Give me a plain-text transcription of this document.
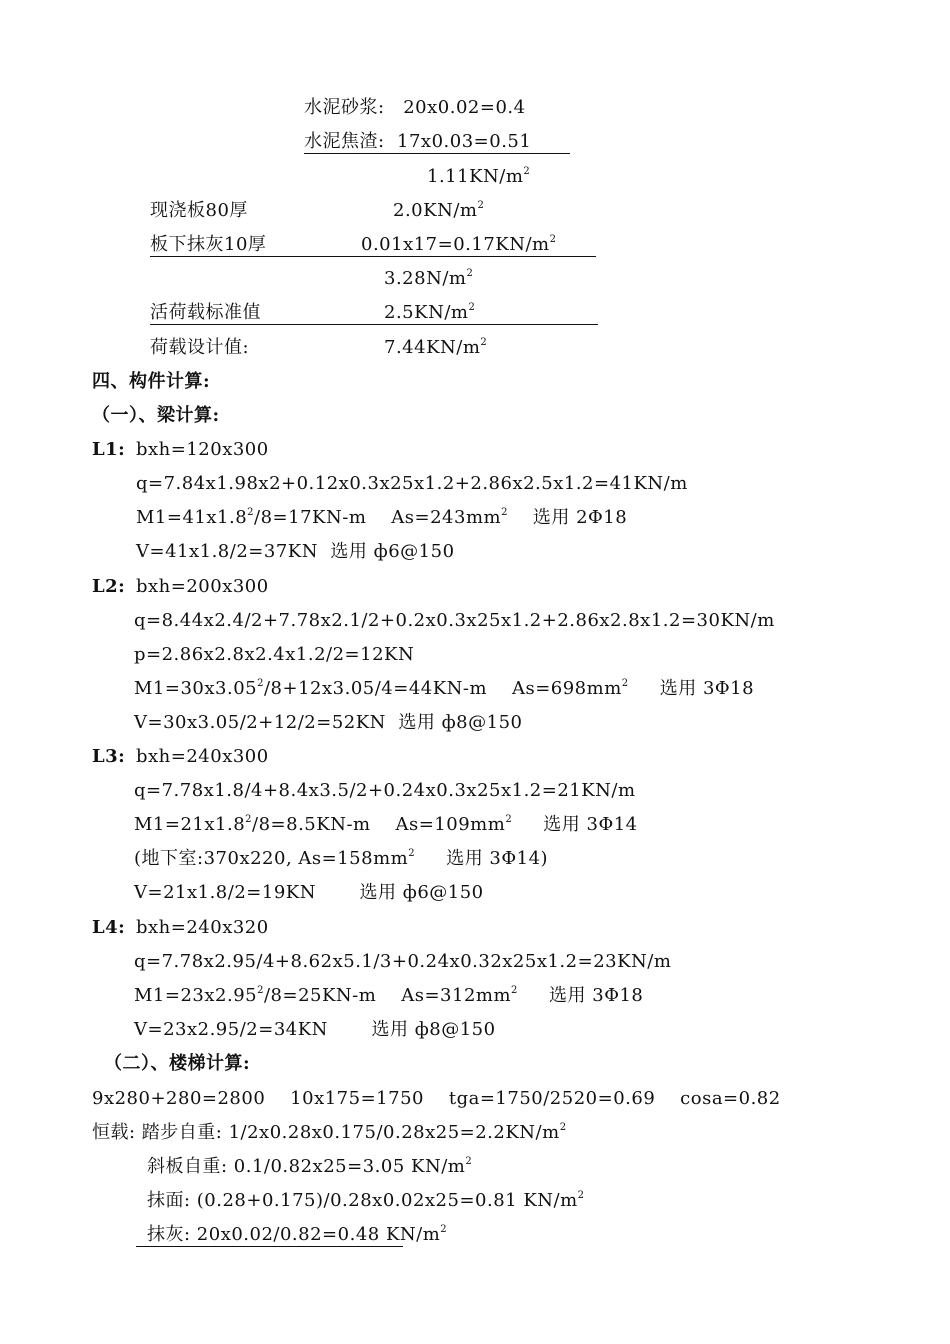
水泥砂浆:   20x0.02=0.4
水泥焦渣:  17x0.03=0.51
$1.11KN/m^2$
现浇板80厚	$2.0KN/m^2$
板下抹灰10厚	$0.01x17=0.17KN/m^2$
$3.28N/m^2$
活荷载标准值	$2.5KN/m^2$
荷载设计值:	$7.44KN/m^2$
四、构件计算:
（一）、梁计算:
L1: bxh=120x300
q=7.84x1.98x2+0.12x0.3x25x1.2+2.86x2.5x1.2=41KN/m
$M1=41x1.8^2/8=17KN-m$    $As=243mm^2$    选用 2Φ18
V=41x1.8/2=37KN  选用 ф6@150
L2: bxh=200x300
q=8.44x2.4/2+7.78x2.1/2+0.2x0.3x25x1.2+2.86x2.8x1.2=30KN/m
p=2.86x2.8x2.4x1.2/2=12KN
$M1=30x3.05^2/8+12x3.05/4=44KN-m$    $As=698mm^2$     选用 3Φ18
V=30x3.05/2+12/2=52KN  选用 ф8@150
L3: bxh=240x300
q=7.78x1.8/4+8.4x3.5/2+0.24x0.3x25x1.2=21KN/m
$M1=21x1.8^2/8=8.5KN-m$    $As=109mm^2$     选用 3Φ14
(地下室:370x220, $As=158mm^2$     选用 3Φ14)
V=21x1.8/2=19KN       选用 ф6@150
L4: bxh=240x320
q=7.78x2.95/4+8.62x5.1/3+0.24x0.32x25x1.2=23KN/m
$M1=23x2.95^2/8=25KN-m$    $As=312mm^2$     选用 3Φ18
V=23x2.95/2=34KN       选用 ф8@150
（二）、楼梯计算:
9x280+280=2800    10x175=1750    tga=1750/2520=0.69    cosa=0.82
恒载: 踏步自重: $1/2x0.28x0.175/0.28x25=2.2KN/m^2$
斜板自重: 0.1/0.82x25=3.05 $KN/m^2$
抹面: (0.28+0.175)/0.28x0.02x25=0.81 $KN/m^2$
抹灰: 20x0.02/0.82=0.48 $KN/m^2$
